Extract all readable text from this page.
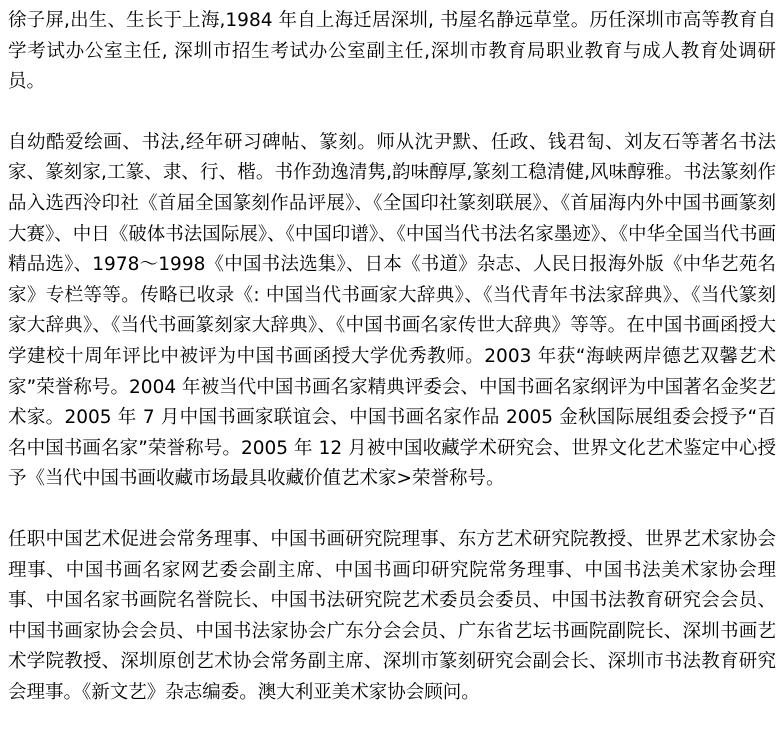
徐子屏,出生、生长于上海,1984 年自上海迁居深圳, 书屋名静远草堂。历任深圳市高等教育自学考试办公室主任, 深圳市招生考试办公室副主任,深圳市教育局职业教育与成人教育处调研员。

自幼酷爱绘画、书法,经年研习碑帖、篆刻。师从沈尹默、任政、钱君匋、刘友石等著名书法家、篆刻家,工篆、隶、行、楷。书作劲逸清隽,韵味醇厚,篆刻工稳清健,风味醇雅。书法篆刻作品入选西泠印社《首届全国篆刻作品评展》、《全国印社篆刻联展》、《首届海内外中国书画篆刻大赛》、中日《破体书法国际展》、《中国印谱》、《中国当代书法名家墨迹》、《中华全国当代书画精品选》、1978～1998《中国书法选集》、日本《书道》杂志、人民日报海外版《中华艺苑名家》专栏等等。传略已收录《: 中国当代书画家大辞典》、《当代青年书法家辞典》、《当代篆刻家大辞典》、《当代书画篆刻家大辞典》、《中国书画名家传世大辞典》等等。在中国书画函授大学建校十周年评比中被评为中国书画函授大学优秀教师。2003 年获“海峡两岸德艺双馨艺术家”荣誉称号。2004 年被当代中国书画名家精典评委会、中国书画名家纲评为中国著名金奖艺术家。2005 年 7 月中国书画家联谊会、中国书画名家作品 2005 金秋国际展组委会授予“百名中国书画名家”荣誉称号。2005 年 12 月被中国收藏学术研究会、世界文化艺术鉴定中心授予《当代中国书画收藏市场最具收藏价值艺术家>荣誉称号。

任职中国艺术促进会常务理事、中国书画研究院理事、东方艺术研究院教授、世界艺术家协会理事、中国书画名家网艺委会副主席、中国书画印研究院常务理事、中国书法美术家协会理事、中国名家书画院名誉院长、中国书法研究院艺术委员会委员、中国书法教育研究会会员、中国书画家协会会员、中国书法家协会广东分会会员、广东省艺坛书画院副院长、深圳书画艺术学院教授、深圳原创艺术协会常务副主席、深圳市篆刻研究会副会长、深圳市书法教育研究会理事。《新文艺》杂志编委。澳大利亚美术家协会顾问。
